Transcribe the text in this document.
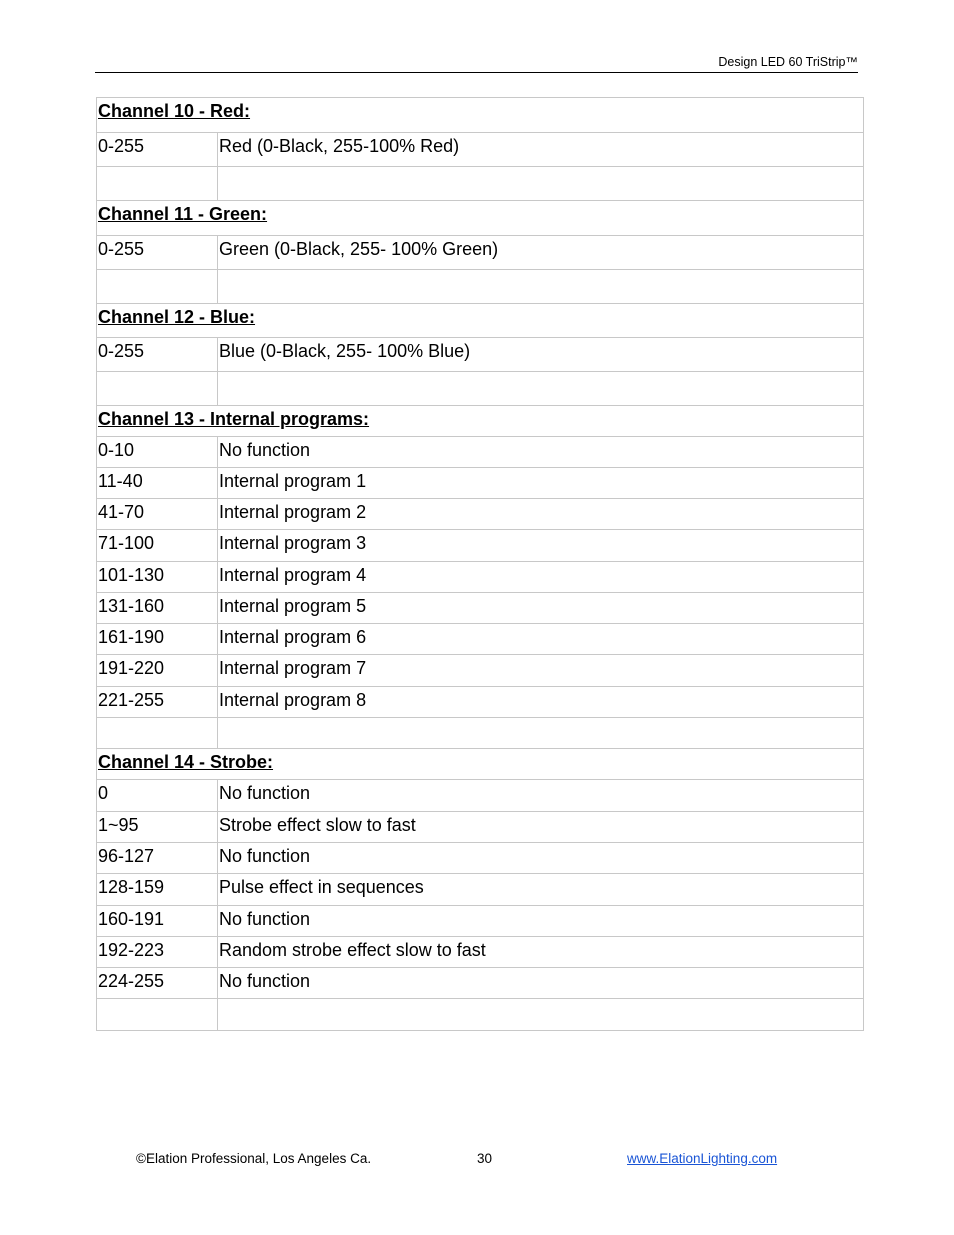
Design LED 60 TriStrip™
Channel 10 - Red:
0-255	Red (0-Black, 255-100% Red)
Channel 11 - Green:
0-255	Green (0-Black, 255- 100% Green)
Channel 12 - Blue:
0-255	Blue (0-Black, 255- 100% Blue)
Channel 13 - Internal programs:
0-10	No function
11-40	Internal program 1
41-70	Internal program 2
71-100	Internal program 3
101-130	Internal program 4
131-160	Internal program 5
161-190	Internal program 6
191-220	Internal program 7
221-255	Internal program 8
Channel 14 - Strobe:
0	No function
1~95	Strobe effect slow to fast
96-127	No function
128-159	Pulse effect in sequences
160-191	No function
192-223	Random strobe effect slow to fast
224-255	No function
©Elation Professional, Los Angeles Ca.	30	www.ElationLighting.com
